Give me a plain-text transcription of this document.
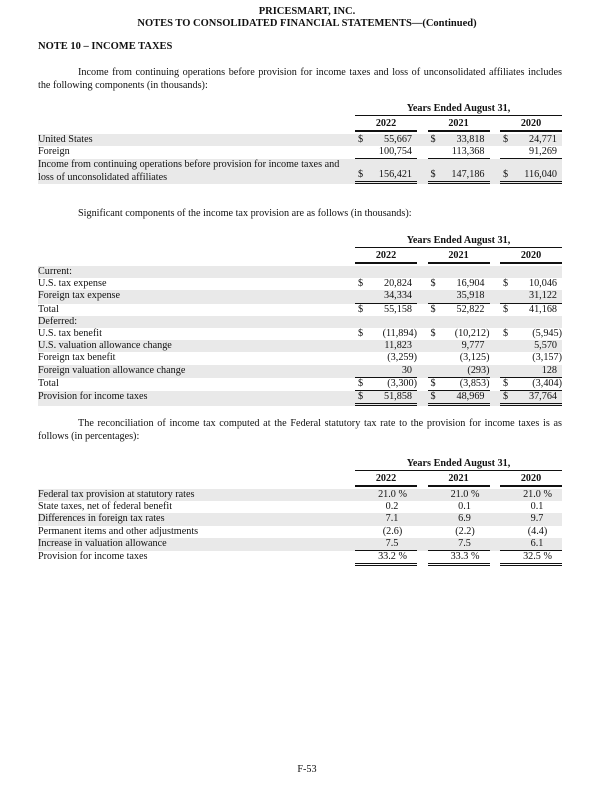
PRICESMART, INC.
NOTES TO CONSOLIDATED FINANCIAL STATEMENTS—(Continued)
NOTE 10 – INCOME TAXES
Income from continuing operations before provision for income taxes and loss of unconsolidated affiliates includes the following components (in thousands):
Years Ended August 31,
2022	2021	2020
United States	$	55,667	$	33,818	$	24,771
Foreign	100,754	113,368	91,269
Income from continuing operations before provision for income taxes and loss of unconsolidated affiliates	$	156,421	$	147,186	$	116,040
Significant components of the income tax provision are as follows (in thousands):
Years Ended August 31,
2022	2021	2020
Current:
U.S. tax expense	$	20,824	$	16,904	$	10,046
Foreign tax expense	34,334	35,918	31,122
Total	$	55,158	$	52,822	$	41,168
Deferred:
U.S. tax benefit	$	(11,894) $	(10,212) $	(5,945)
U.S. valuation allowance change	11,823	9,777	5,570
Foreign tax benefit	(3,259)	(3,125)	(3,157)
Foreign valuation allowance change	30	(293)	128
Total	$	(3,300) $	(3,853) $	(3,404)
Provision for income taxes	$	51,858	$	48,969	$	37,764
The reconciliation of income tax computed at the Federal statutory tax rate to the provision for income taxes is as follows (in percentages):
Years Ended August 31,
2022	2021	2020
Federal tax provision at statutory rates	21.0 %	21.0 %	21.0 %
State taxes, net of federal benefit	0.2	0.1	0.1
Differences in foreign tax rates	7.1	6.9	9.7
Permanent items and other adjustments	(2.6)	(2.2)	(4.4)
Increase in valuation allowance	7.5	7.5	6.1
Provision for income taxes	33.2 %	33.3 %	32.5 %
F-53
